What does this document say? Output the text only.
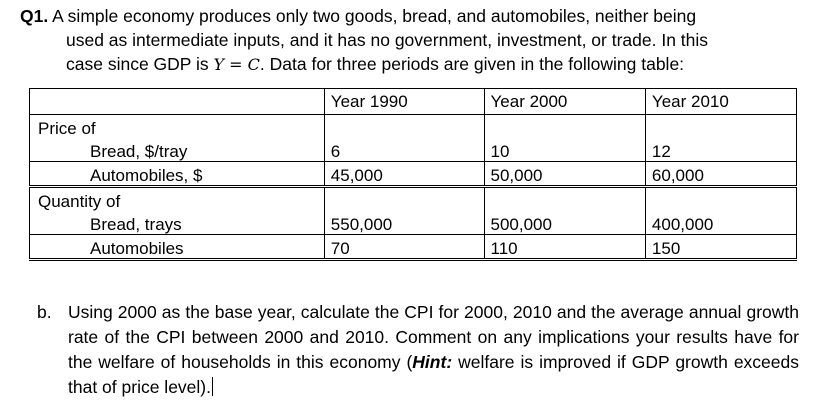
Q1. A simple economy produces only two goods, bread, and automobiles, neither being
used as intermediate inputs, and it has no government, investment, or trade. In this
case since GDP is Y = C. Data for three periods are given in the following table:
	Year 1990	Year 2000	Year 2010
Price of			
Bread, $/tray	6	10	12
Automobiles, $	45,000	50,000	60,000
Quantity of			
Bread, trays	550,000	500,000	400,000
Automobiles	70	110	150
b. Using 2000 as the base year, calculate the CPI for 2000, 2010 and the average annual growth rate of the CPI between 2000 and 2010. Comment on any implications your results have for the welfare of households in this economy (Hint: welfare is improved if GDP growth exceeds that of price level).
